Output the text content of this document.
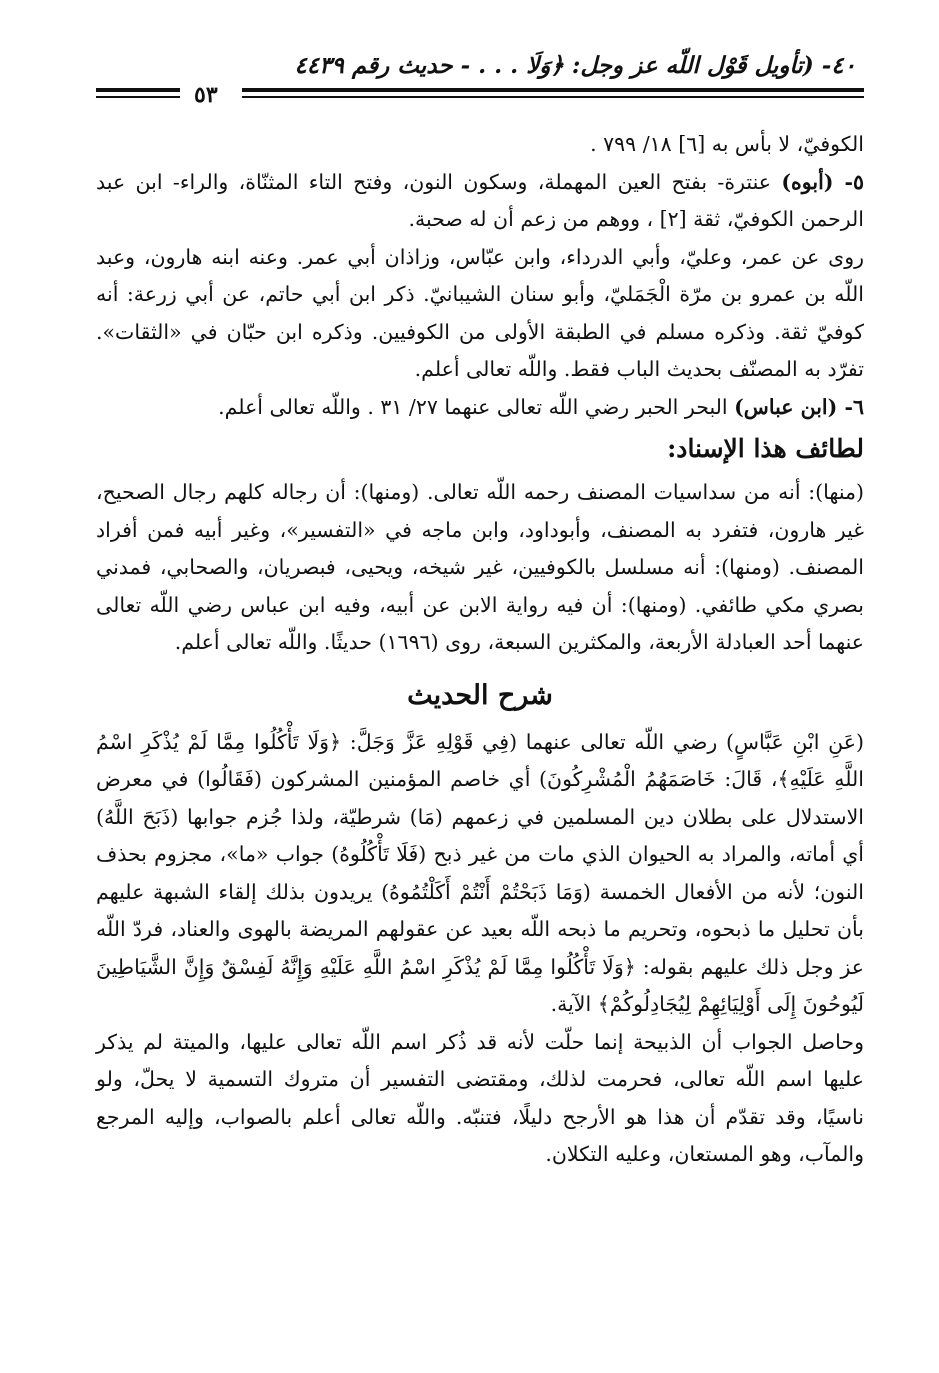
٤٠- (تأويل قَوْل اللّه عز وجل: ﴿وَلَا . . . - حديث رقم ٤٤٣٩
٥٣

الكوفيّ، لا بأس به [٦] ١٨/ ٧٩٩ .

٥- (أبوه) عنترة- بفتح العين المهملة، وسكون النون، وفتح التاء المثنّاة، والراء- ابن عبد الرحمن الكوفيّ، ثقة [٢] ، ووهم من زعم أن له صحبة.

روى عن عمر، وعليّ، وأبي الدرداء، وابن عبّاس، وزاذان أبي عمر. وعنه ابنه هارون، وعبد اللّه بن عمرو بن مرّة الْجَمَليّ، وأبو سنان الشيبانيّ. ذكر ابن أبي حاتم، عن أبي زرعة: أنه كوفيّ ثقة. وذكره مسلم في الطبقة الأولى من الكوفيين. وذكره ابن حبّان في «الثقات». تفرّد به المصنّف بحديث الباب فقط. واللّه تعالى أعلم.

٦- (ابن عباس) البحر الحبر رضي اللّه تعالى عنهما ٢٧/ ٣١ . واللّه تعالى أعلم.

لطائف هذا الإسناد:

(منها): أنه من سداسيات المصنف رحمه اللّه تعالى. (ومنها): أن رجاله كلهم رجال الصحيح، غير هارون، فتفرد به المصنف، وأبوداود، وابن ماجه في «التفسير»، وغير أبيه فمن أفراد المصنف. (ومنها): أنه مسلسل بالكوفيين، غير شيخه، ويحيى، فبصريان، والصحابي، فمدني بصري مكي طائفي. (ومنها): أن فيه رواية الابن عن أبيه، وفيه ابن عباس رضي اللّه تعالى عنهما أحد العبادلة الأربعة، والمكثرين السبعة، روى (١٦٩٦) حديثًا. واللّه تعالى أعلم.

شرح الحديث

(عَنِ ابْنِ عَبَّاسٍ) رضي اللّه تعالى عنهما (فِي قَوْلِهِ عَزَّ وَجَلَّ: ﴿وَلَا تَأْكُلُوا مِمَّا لَمْ يُذْكَرِ اسْمُ اللَّهِ عَلَيْهِ﴾، قَالَ: خَاصَمَهُمُ الْمُشْرِكُونَ) أي خاصم المؤمنين المشركون (فَقَالُوا) في معرض الاستدلال على بطلان دين المسلمين في زعمهم (مَا) شرطيّة، ولذا جُزم جوابها (ذَبَحَ اللَّهُ) أي أماته، والمراد به الحيوان الذي مات من غير ذبح (فَلَا تَأْكُلُوهُ) جواب «ما»، مجزوم بحذف النون؛ لأنه من الأفعال الخمسة (وَمَا ذَبَحْتُمْ أَنْتُمْ أَكَلْتُمُوهُ) يريدون بذلك إلقاء الشبهة عليهم بأن تحليل ما ذبحوه، وتحريم ما ذبحه اللّه بعيد عن عقولهم المريضة بالهوى والعناد، فردّ اللّه عز وجل ذلك عليهم بقوله: ﴿وَلَا تَأْكُلُوا مِمَّا لَمْ يُذْكَرِ اسْمُ اللَّهِ عَلَيْهِ وَإِنَّهُ لَفِسْقٌ وَإِنَّ الشَّيَاطِينَ لَيُوحُونَ إِلَى أَوْلِيَائِهِمْ لِيُجَادِلُوكُمْ﴾ الآية.

وحاصل الجواب أن الذبيحة إنما حلّت لأنه قد ذُكر اسم اللّه تعالى عليها، والميتة لم يذكر عليها اسم اللّه تعالى، فحرمت لذلك، ومقتضى التفسير أن متروك التسمية لا يحلّ، ولو ناسيًا، وقد تقدّم أن هذا هو الأرجح دليلًا، فتنبّه. واللّه تعالى أعلم بالصواب، وإليه المرجع والمآب، وهو المستعان، وعليه التكلان.
